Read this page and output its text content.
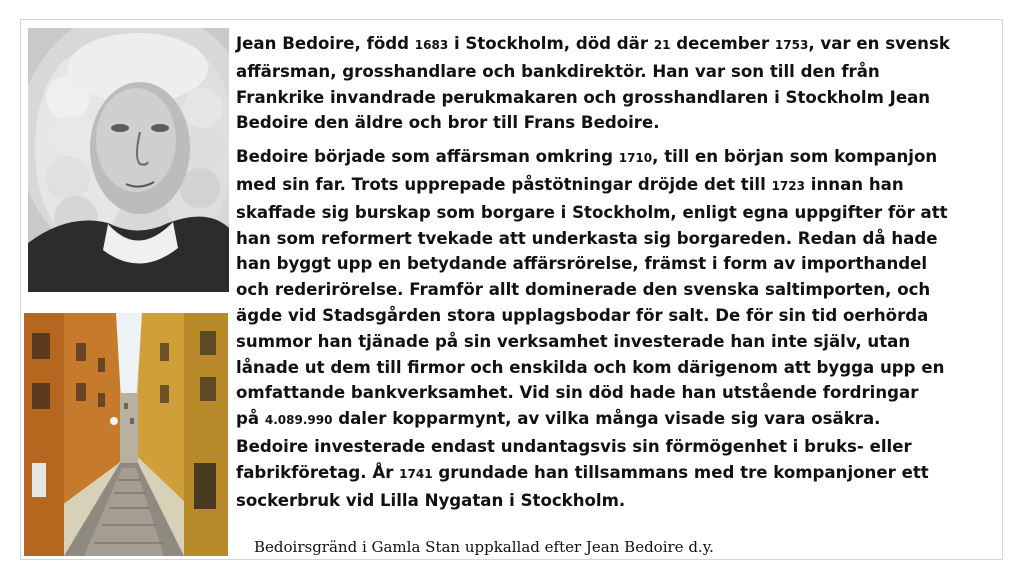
Jean Bedoire, född 1683 i Stockholm, död där 21 december 1753, var en svensk
affärsman, grosshandlare och bankdirektör. Han var son till den från
Frankrike invandrade perukmakaren och grosshandlaren i Stockholm Jean
Bedoire den äldre och bror till Frans Bedoire.

Bedoire började som affärsman omkring 1710, till en början som kompanjon
med sin far. Trots upprepade påstötningar dröjde det till 1723 innan han
skaffade sig burskap som borgare i Stockholm, enligt egna uppgifter för att
han som reformert tvekade att underkasta sig borgareden. Redan då hade
han byggt upp en betydande affärsrörelse, främst i form av importhandel
och rederirörelse. Framför allt dominerade den svenska saltimporten, och
ägde vid Stadsgården stora upplagsbodar för salt. De för sin tid oerhörda
summor han tjänade på sin verksamhet investerade han inte själv, utan
lånade ut dem till firmor och enskilda och kom därigenom att bygga upp en
omfattande bankverksamhet. Vid sin död hade han utstående fordringar
på 4.089.990 daler kopparmynt, av vilka många visade sig vara osäkra.
Bedoire investerade endast undantagsvis sin förmögenhet i bruks- eller
fabrikföretag. År 1741 grundade han tillsammans med tre kompanjoner ett
sockerbruk vid Lilla Nygatan i Stockholm.

Bedoirsgränd i Gamla Stan uppkallad efter Jean Bedoire d.y.
